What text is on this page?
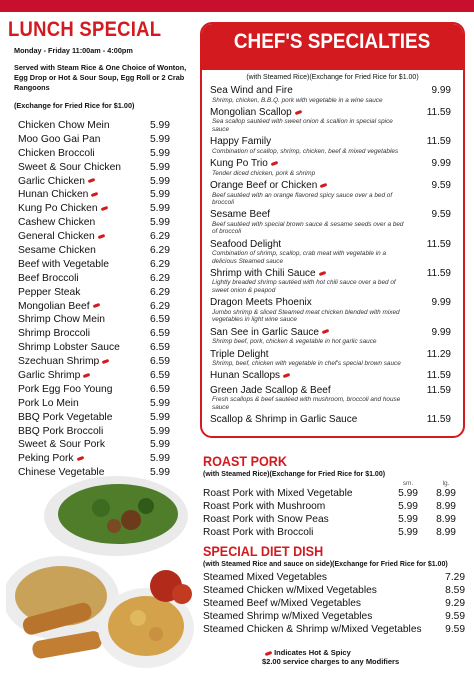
LUNCH SPECIAL
Monday - Friday 11:00am - 4:00pm
Served with Steam Rice & One Choice of Wonton, Egg Drop or Hot & Sour Soup, Egg Roll or 2 Crab Rangoons
(Exchange for Fried Rice for $1.00)
Chicken Chow Mein	5.99
Moo Goo Gai Pan	5.99
Chicken Broccoli	5.99
Sweet & Sour Chicken	5.99
Garlic Chicken	5.99
Hunan Chicken	5.99
Kung Po Chicken	5.99
Cashew Chicken	5.99
General Chicken	6.29
Sesame Chicken	6.29
Beef with Vegetable	6.29
Beef Broccoli	6.29
Pepper Steak	6.29
Mongolian Beef	6.29
Shrimp Chow Mein	6.59
Shrimp Broccoli	6.59
Shrimp Lobster Sauce	6.59
Szechuan Shrimp	6.59
Garlic Shrimp	6.59
Pork Egg Foo Young	6.59
Pork Lo Mein	5.99
BBQ Pork Vegetable	5.99
BBQ Pork Broccoli	5.99
Sweet & Sour Pork	5.99
Peking Pork	5.99
Chinese Vegetable	5.99
CHEF'S SPECIALTIES
(with Steamed Rice)(Exchange for Fried Rice for $1.00)
Sea Wind and Fire	9.99
Shrimp, chicken, B.B.Q. pork with vegetable in a wine sauce
Mongolian Scallop	11.59
Sea scallop sautéed with sweet onion & scallion in special spice sauce
Happy Family	11.59
Combination of scallop, shrimp, chicken, beef & mixed vegetables
Kung Po Trio	9.99
Tender diced chicken, pork & shrimp
Orange Beef or Chicken	9.59
Beef sautéed with an orange flavored spicy sauce over a bed of broccoli
Sesame Beef	9.59
Beef sautéed with special brown sauce & sesame seeds over a bed of broccoli
Seafood Delight	11.59
Combination of shrimp, scallop, crab meat with vegetable in a delicious Steamed sauce
Shrimp with Chili Sauce	11.59
Lightly breaded shrimp sautéed with hot chili sauce over a bed of sweet onion & peapod
Dragon Meets Phoenix	9.99
Jumbo shrimp & sliced Steamed meat chicken blended with mixed vegetables in light wine sauce
San See in Garlic Sauce	9.99
Shrimp beef, pork, chicken & vegetable in hot garlic sauce
Triple Delight	11.29
Shrimp, beef, chicken with vegetable in chef's special brown sauce
Hunan Scallops	11.59
Green Jade Scallop & Beef	11.59
Fresh scallops & beef sautéed with mushroom, broccoli and house sauce
Scallop & Shrimp in Garlic Sauce	11.59
ROAST PORK
(with Steamed Rice)(Exchange for Fried Rice for $1.00)
sm.	lg.
Roast Pork with Mixed Vegetable	5.99	8.99
Roast Pork with Mushroom	5.99	8.99
Roast Pork with Snow Peas	5.99	8.99
Roast Pork with Broccoli	5.99	8.99
SPECIAL DIET DISH
(with Steamed Rice and sauce on side)(Exchange for Fried Rice for $1.00)
Steamed Mixed Vegetables	7.29
Steamed Chicken w/Mixed Vegetables	8.59
Steamed Beef w/Mixed Vegetables	9.29
Steamed Shrimp w/Mixed Vegetables	9.59
Steamed Chicken & Shrimp w/Mixed Vegetables 9.59
Indicates Hot & Spicy
$2.00 service charges to any Modifiers
